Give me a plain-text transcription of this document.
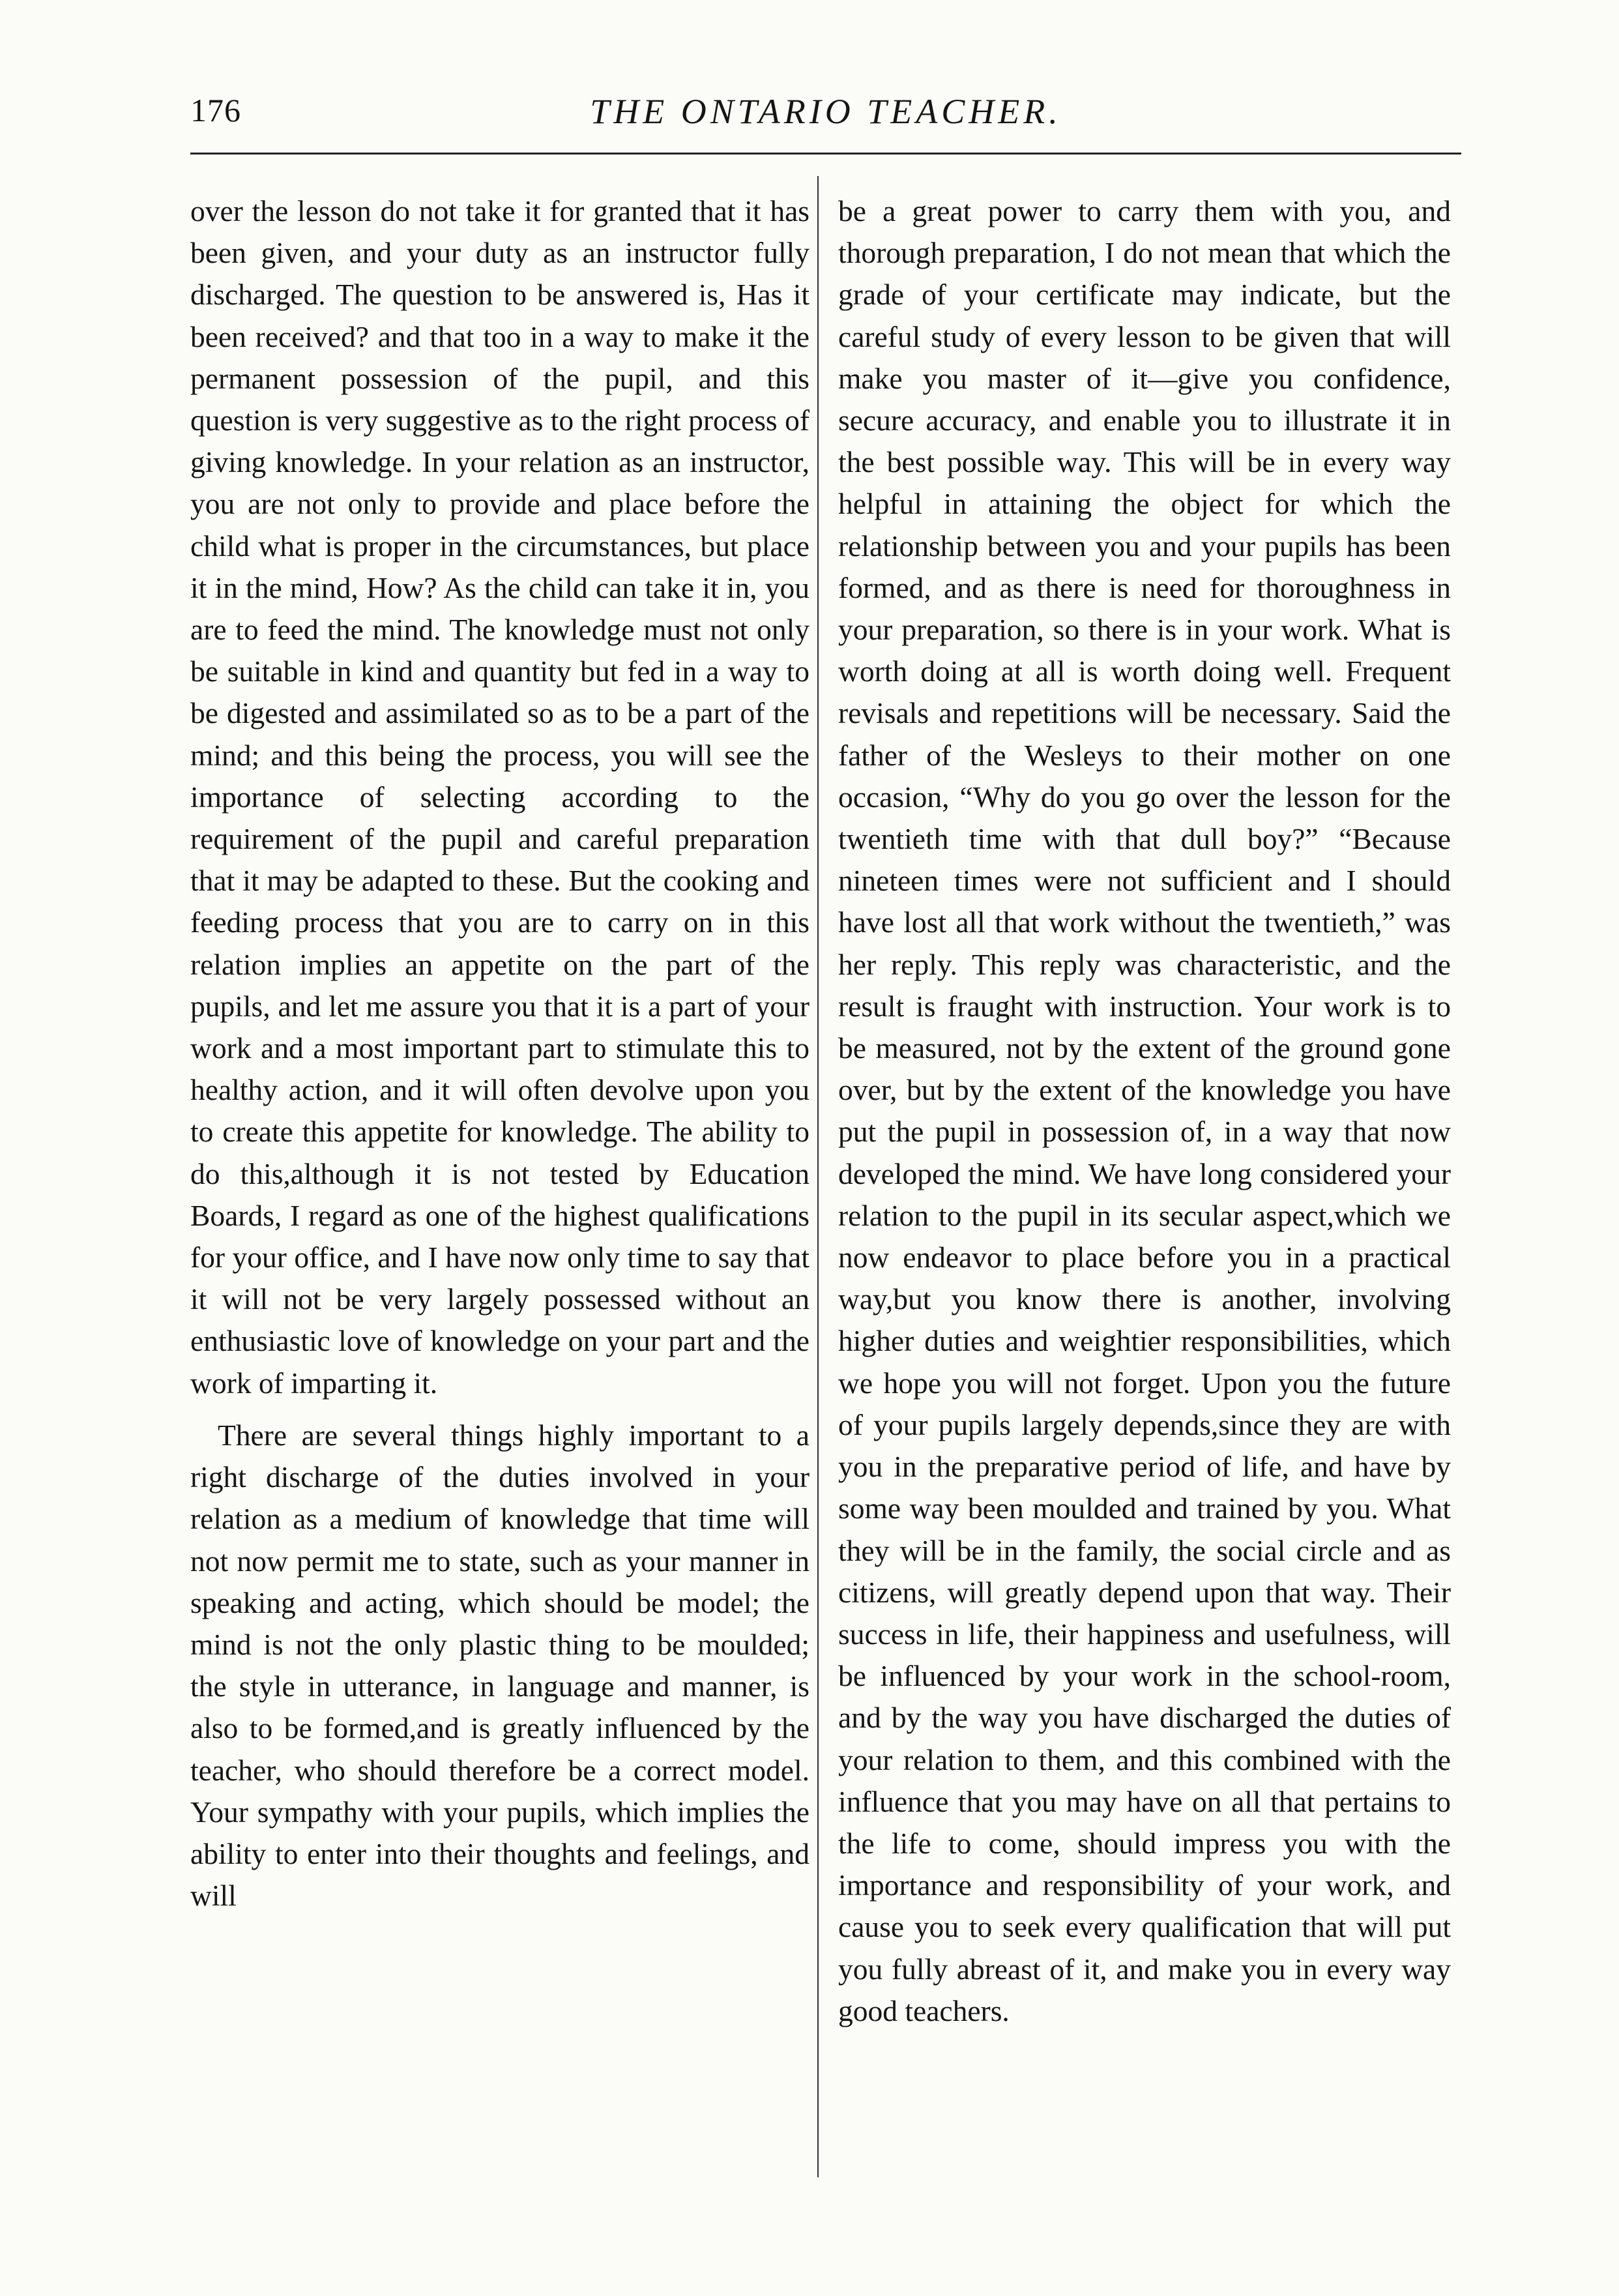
176	THE ONTARIO TEACHER.

over the lesson do not take it for granted that it has been given, and your duty as an instructor fully discharged. The question to be answered is, Has it been received? and that too in a way to make it the permanent possession of the pupil, and this question is very suggestive as to the right process of giving knowledge. In your relation as an instructor, you are not only to provide and place before the child what is proper in the circumstances, but place it in the mind, How? As the child can take it in, you are to feed the mind. The knowledge must not only be suitable in kind and quantity but fed in a way to be digested and assimilated so as to be a part of the mind; and this being the process, you will see the importance of selecting according to the requirement of the pupil and careful preparation that it may be adapted to these. But the cooking and feeding process that you are to carry on in this relation implies an appetite on the part of the pupils, and let me assure you that it is a part of your work and a most important part to stimulate this to healthy action, and it will often devolve upon you to create this appetite for knowledge. The ability to do this,although it is not tested by Education Boards, I regard as one of the highest qualifications for your office, and I have now only time to say that it will not be very largely possessed without an enthusiastic love of knowledge on your part and the work of imparting it.

There are several things highly important to a right discharge of the duties involved in your relation as a medium of knowledge that time will not now permit me to state, such as your manner in speaking and acting, which should be model; the mind is not the only plastic thing to be moulded; the style in utterance, in language and manner, is also to be formed,and is greatly influenced by the teacher, who should therefore be a correct model. Your sympathy with your pupils, which implies the ability to enter into their thoughts and feelings, and will

be a great power to carry them with you, and thorough preparation, I do not mean that which the grade of your certificate may indicate, but the careful study of every lesson to be given that will make you master of it—give you confidence, secure accuracy, and enable you to illustrate it in the best possible way. This will be in every way helpful in attaining the object for which the relationship between you and your pupils has been formed, and as there is need for thoroughness in your preparation, so there is in your work. What is worth doing at all is worth doing well. Frequent revisals and repetitions will be necessary. Said the father of the Wesleys to their mother on one occasion, “Why do you go over the lesson for the twentieth time with that dull boy?” “Because nineteen times were not sufficient and I should have lost all that work without the twentieth,” was her reply. This reply was characteristic, and the result is fraught with instruction. Your work is to be measured, not by the extent of the ground gone over, but by the extent of the knowledge you have put the pupil in possession of, in a way that now developed the mind. We have long considered your relation to the pupil in its secular aspect,which we now endeavor to place before you in a practical way,but you know there is another, involving higher duties and weightier responsibilities, which we hope you will not forget. Upon you the future of your pupils largely depends,since they are with you in the preparative period of life, and have by some way been moulded and trained by you. What they will be in the family, the social circle and as citizens, will greatly depend upon that way. Their success in life, their happiness and usefulness, will be influenced by your work in the school-room, and by the way you have discharged the duties of your relation to them, and this combined with the influence that you may have on all that pertains to the life to come, should impress you with the importance and responsibility of your work, and cause you to seek every qualification that will put you fully abreast of it, and make you in every way good teachers.
